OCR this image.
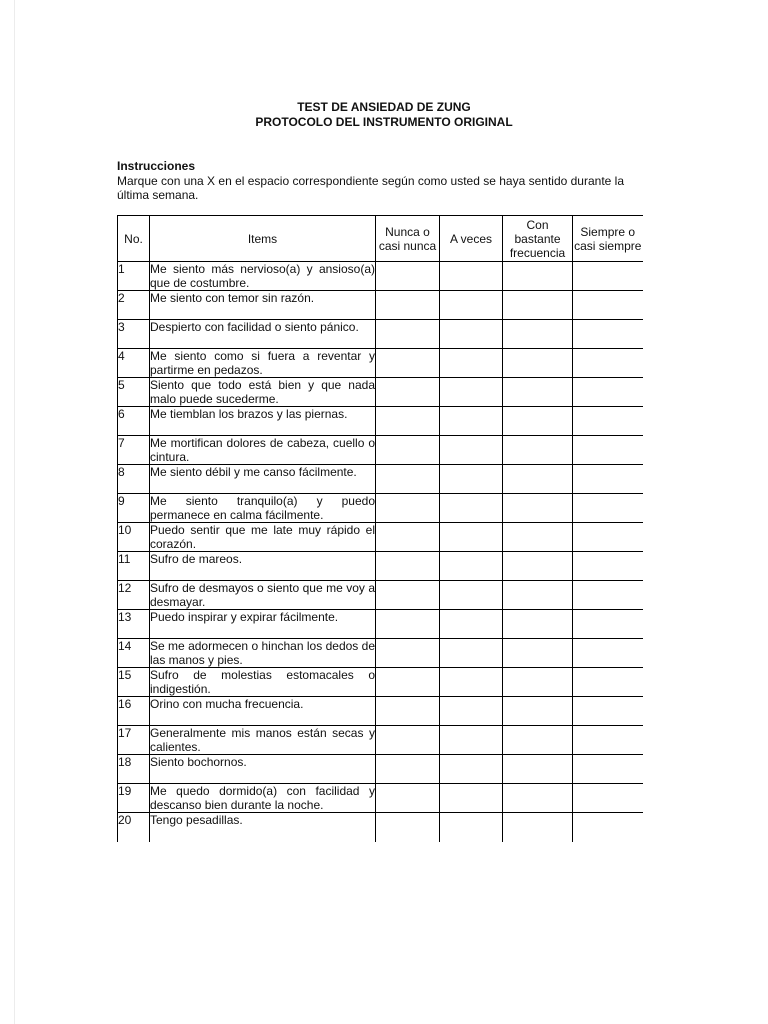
TEST DE ANSIEDAD DE ZUNG
PROTOCOLO DEL INSTRUMENTO ORIGINAL
Instrucciones
Marque con una X en el espacio correspondiente según como usted se haya sentido durante la última semana.
No.	Items	Nunca o casi nunca	A veces	Con bastante frecuencia	Siempre o casi siempre
1	Me siento más nervioso(a) y ansioso(a) que de costumbre.				
2	Me siento con temor sin razón.				
3	Despierto con facilidad o siento pánico.				
4	Me siento como si fuera a reventar y partirme en pedazos.				
5	Siento que todo está bien y que nada malo puede sucederme.				
6	Me tiemblan los brazos y las piernas.				
7	Me mortifican dolores de cabeza, cuello o cintura.				
8	Me siento débil y me canso fácilmente.				
9	Me siento tranquilo(a) y puedo permanece en calma fácilmente.				
10	Puedo sentir que me late muy rápido el corazón.				
11	Sufro de mareos.				
12	Sufro de desmayos o siento que me voy a desmayar.				
13	Puedo inspirar y expirar fácilmente.				
14	Se me adormecen o hinchan los dedos de las manos y pies.				
15	Sufro de molestias estomacales o indigestión.				
16	Orino con mucha frecuencia.				
17	Generalmente mis manos están secas y calientes.				
18	Siento bochornos.				
19	Me quedo dormido(a) con facilidad y descanso bien durante la noche.				
20	Tengo pesadillas.				
